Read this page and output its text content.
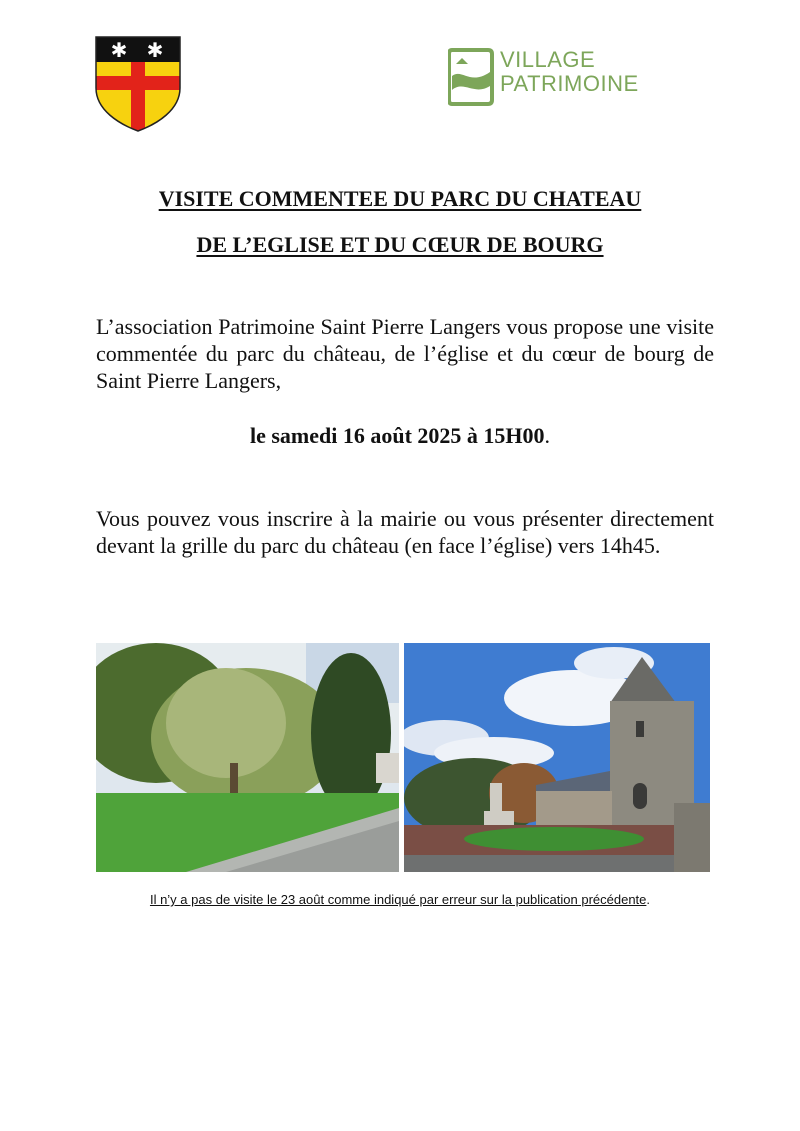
✱ ✱	VILLAGE
PATRIMOINE
VISITE COMMENTEE DU PARC DU CHATEAU
DE L’EGLISE ET DU CŒUR DE BOURG
L’association Patrimoine Saint Pierre Langers vous propose une visite commentée du parc du château, de l’église et du cœur de bourg de Saint Pierre Langers,
le samedi 16 août 2025 à 15H00.
Vous pouvez vous inscrire à la mairie ou vous présenter directement devant la grille du parc du château (en face l’église) vers 14h45.
Il n’y a pas de visite le 23 août comme indiqué par erreur sur la publication précédente.
